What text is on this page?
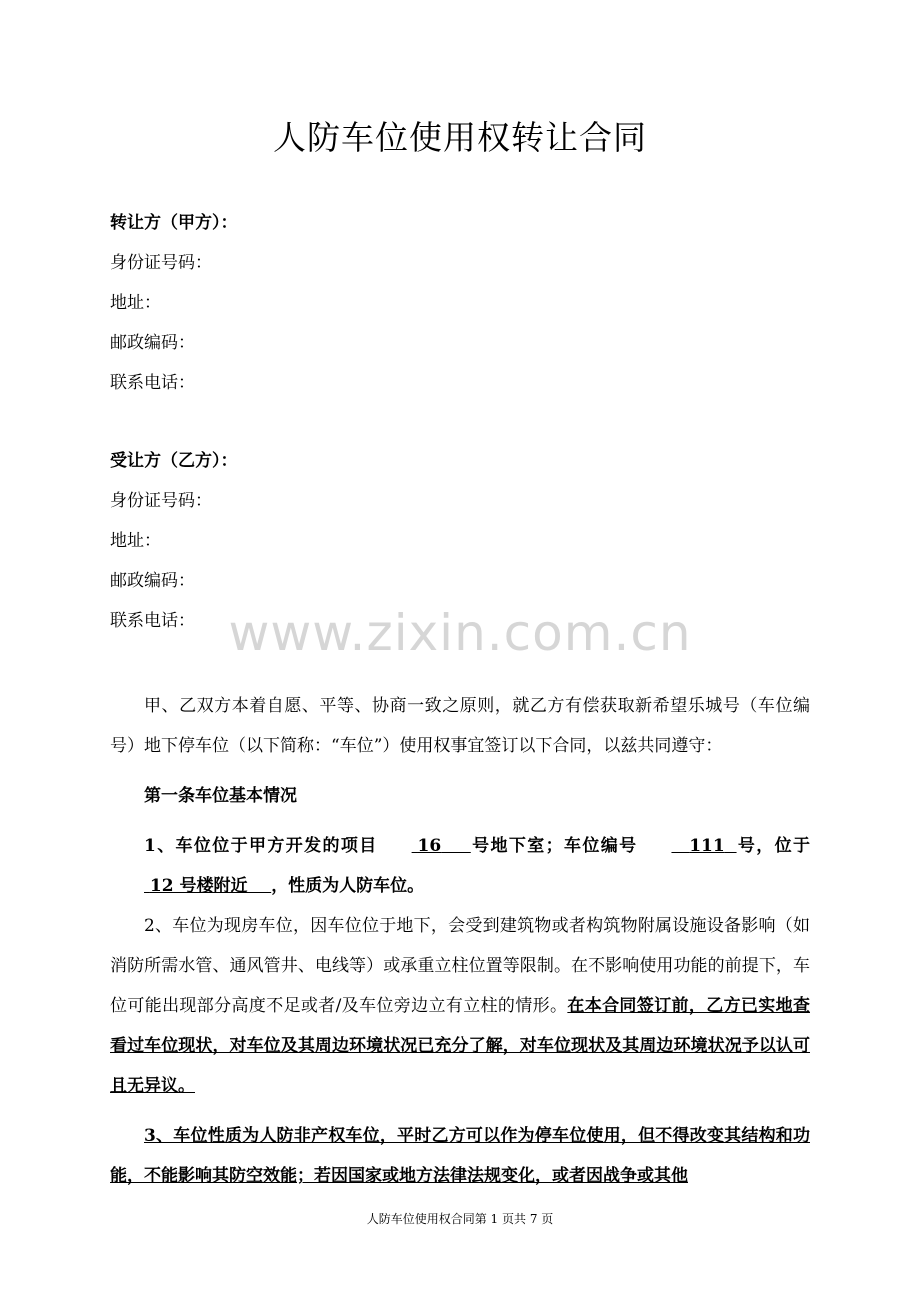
人防车位使用权转让合同
转让方（甲方）：
身份证号码：
地址：
邮政编码：
联系电话：
受让方（乙方）：
身份证号码：
地址：
邮政编码：
联系电话： www.zixin.com.cn

甲、乙双方本着自愿、平等、协商一致之原则，就乙方有偿获取新希望乐城号（车位编号）地下停车位（以下简称：“车位”）使用权事宜签订以下合同，以兹共同遵守：

第一条车位基本情况

1、车位位于甲方开发的项目 16 号地下室；车位编号	111 号，位于 12 号楼附近 ，性质为人防车位。

2、车位为现房车位，因车位位于地下，会受到建筑物或者构筑物附属设施设备影响（如消防所需水管、通风管井、电线等）或承重立柱位置等限制。在不影响使用功能的前提下，车位可能出现部分高度不足或者/及车位旁边立有立柱的情形。在本合同签订前，乙方已实地查看过车位现状，对车位及其周边环境状况已充分了解，对车位现状及其周边环境状况予以认可且无异议。

3、车位性质为人防非产权车位，平时乙方可以作为停车位使用，但不得改变其结构和功能，不能影响其防空效能；若因国家或地方法律法规变化，或者因战争或其他

人防车位使用权合同第 1 页共 7 页
